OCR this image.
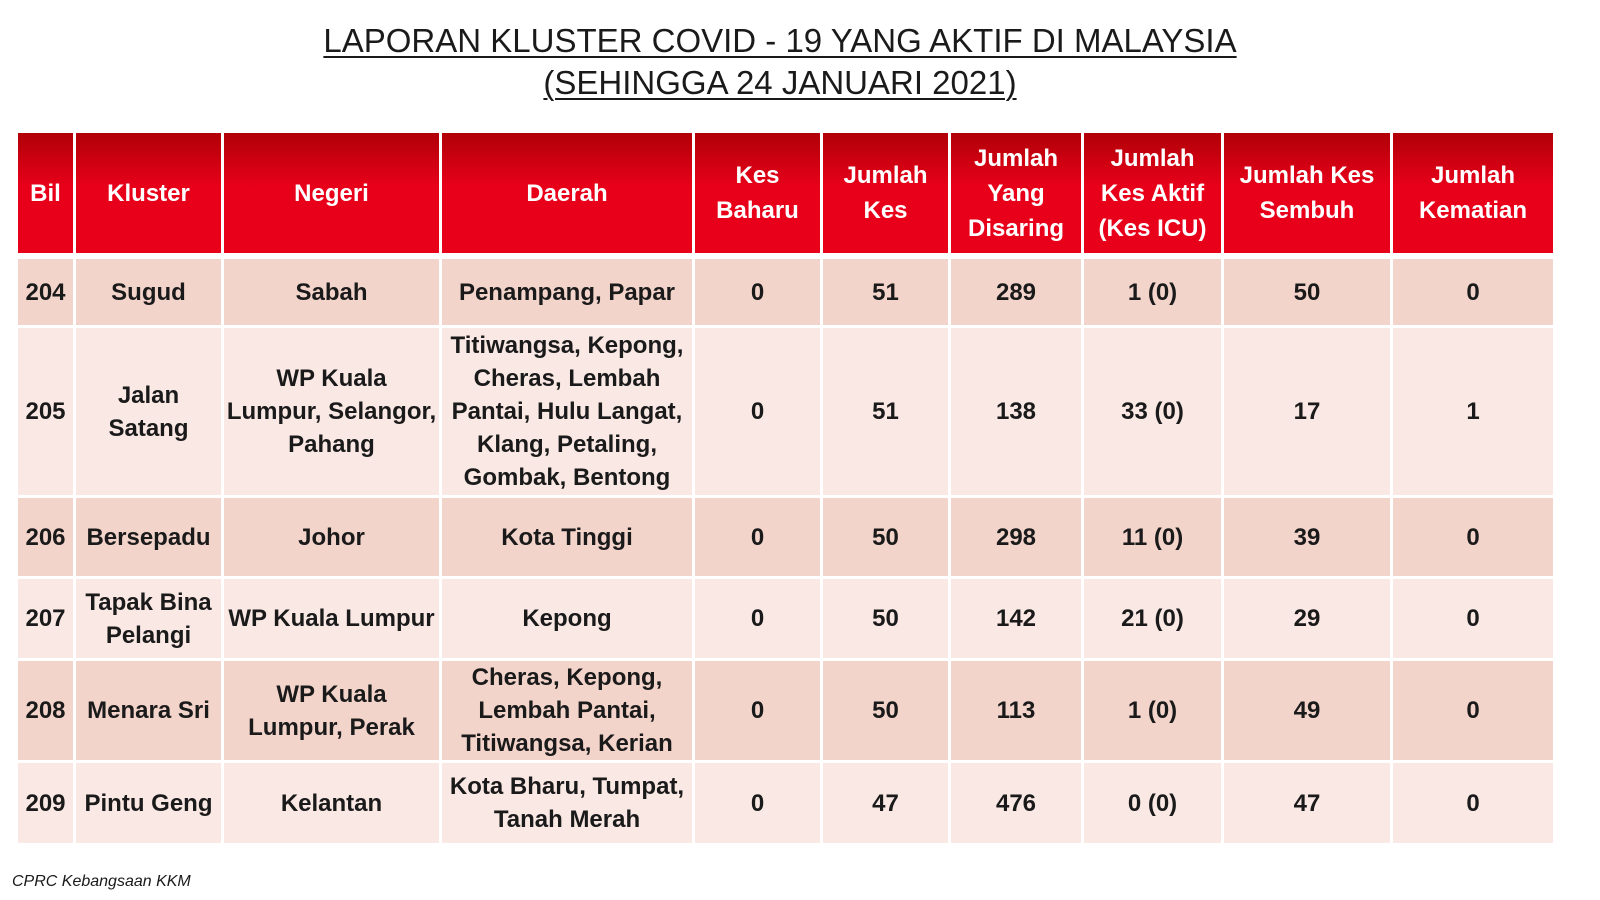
LAPORAN KLUSTER COVID - 19 YANG AKTIF DI MALAYSIA
(SEHINGGA 24 JANUARI 2021)
Bil	Kluster	Negeri	Daerah	Kes Baharu	Jumlah Kes	Jumlah Yang Disaring	Jumlah Kes Aktif (Kes ICU)	Jumlah Kes Sembuh	Jumlah Kematian

204	Sugud	Sabah	Penampang, Papar	0	51	289	1 (0)	50	0
205	Jalan Satang	WP Kuala Lumpur, Selangor, Pahang	Titiwangsa, Kepong, Cheras, Lembah Pantai, Hulu Langat, Klang, Petaling, Gombak, Bentong	0	51	138	33 (0)	17	1
206	Bersepadu	Johor	Kota Tinggi	0	50	298	11 (0)	39	0
207	Tapak Bina Pelangi	WP Kuala Lumpur	Kepong	0	50	142	21 (0)	29	0
208	Menara Sri	WP Kuala Lumpur, Perak	Cheras, Kepong, Lembah Pantai, Titiwangsa, Kerian	0	50	113	1 (0)	49	0
209	Pintu Geng	Kelantan	Kota Bharu, Tumpat, Tanah Merah	0	47	476	0 (0)	47	0
CPRC Kebangsaan KKM
